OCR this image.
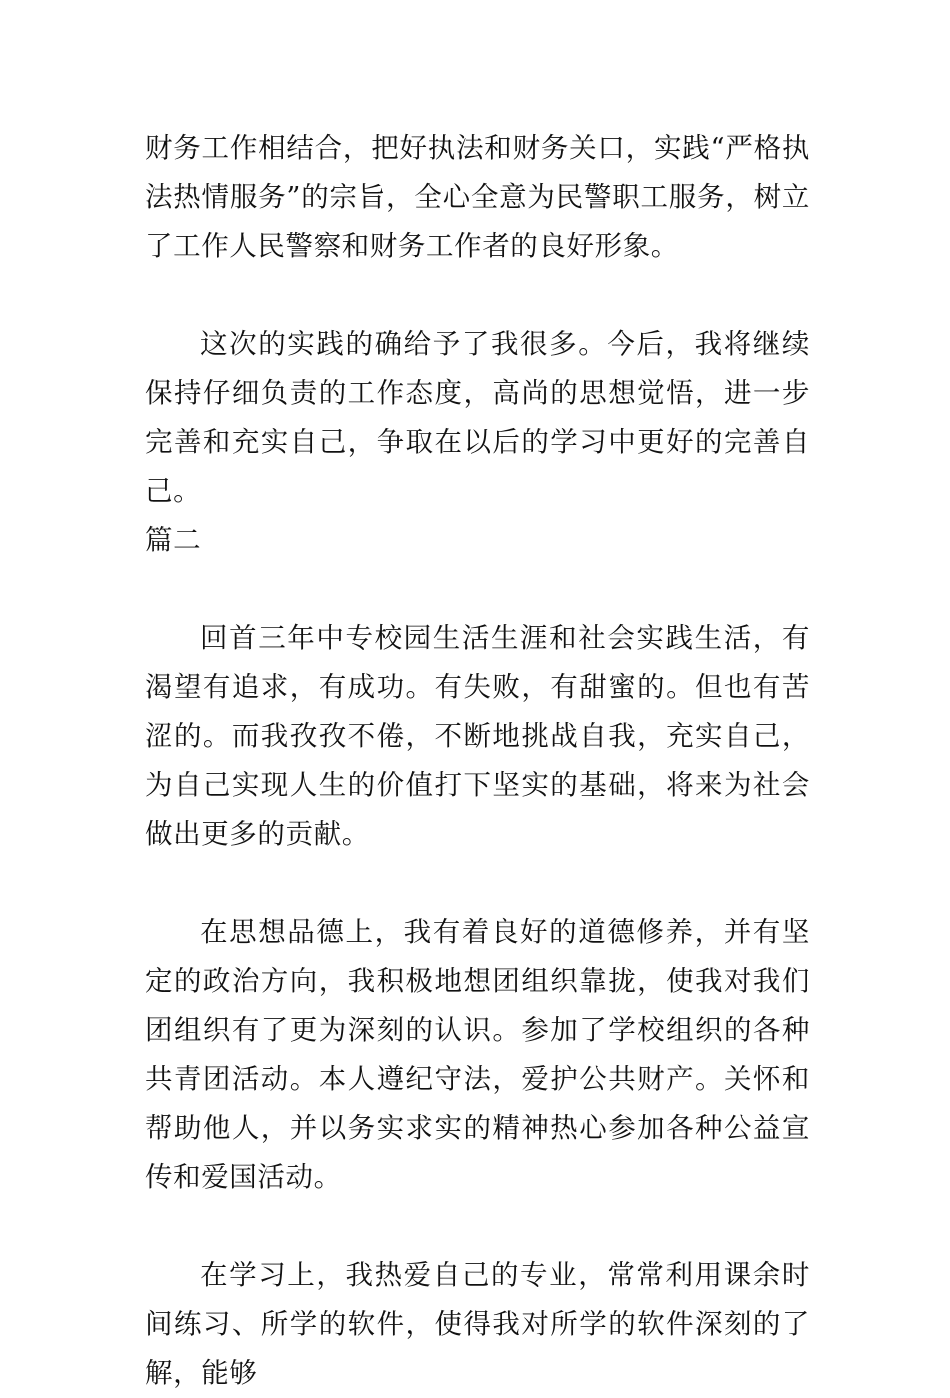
财务工作相结合，把好执法和财务关口，实践“严格执法热情服务”的宗旨，全心全意为民警职工服务，树立了工作人民警察和财务工作者的良好形象。

这次的实践的确给予了我很多。今后，我将继续保持仔细负责的工作态度，高尚的思想觉悟，进一步完善和充实自己，争取在以后的学习中更好的完善自己。

篇二

回首三年中专校园生活生涯和社会实践生活，有渴望有追求，有成功。有失败，有甜蜜的。但也有苦涩的。而我孜孜不倦，不断地挑战自我，充实自己，为自己实现人生的价值打下坚实的基础，将来为社会做出更多的贡献。

在思想品德上，我有着良好的道德修养，并有坚定的政治方向，我积极地想团组织靠拢，使我对我们团组织有了更为深刻的认识。参加了学校组织的各种共青团活动。本人遵纪守法，爱护公共财产。关怀和帮助他人，并以务实求实的精神热心参加各种公益宣传和爱国活动。

在学习上，我热爱自己的专业，常常利用课余时间练习、所学的软件，使得我对所学的软件深刻的了解，能够
